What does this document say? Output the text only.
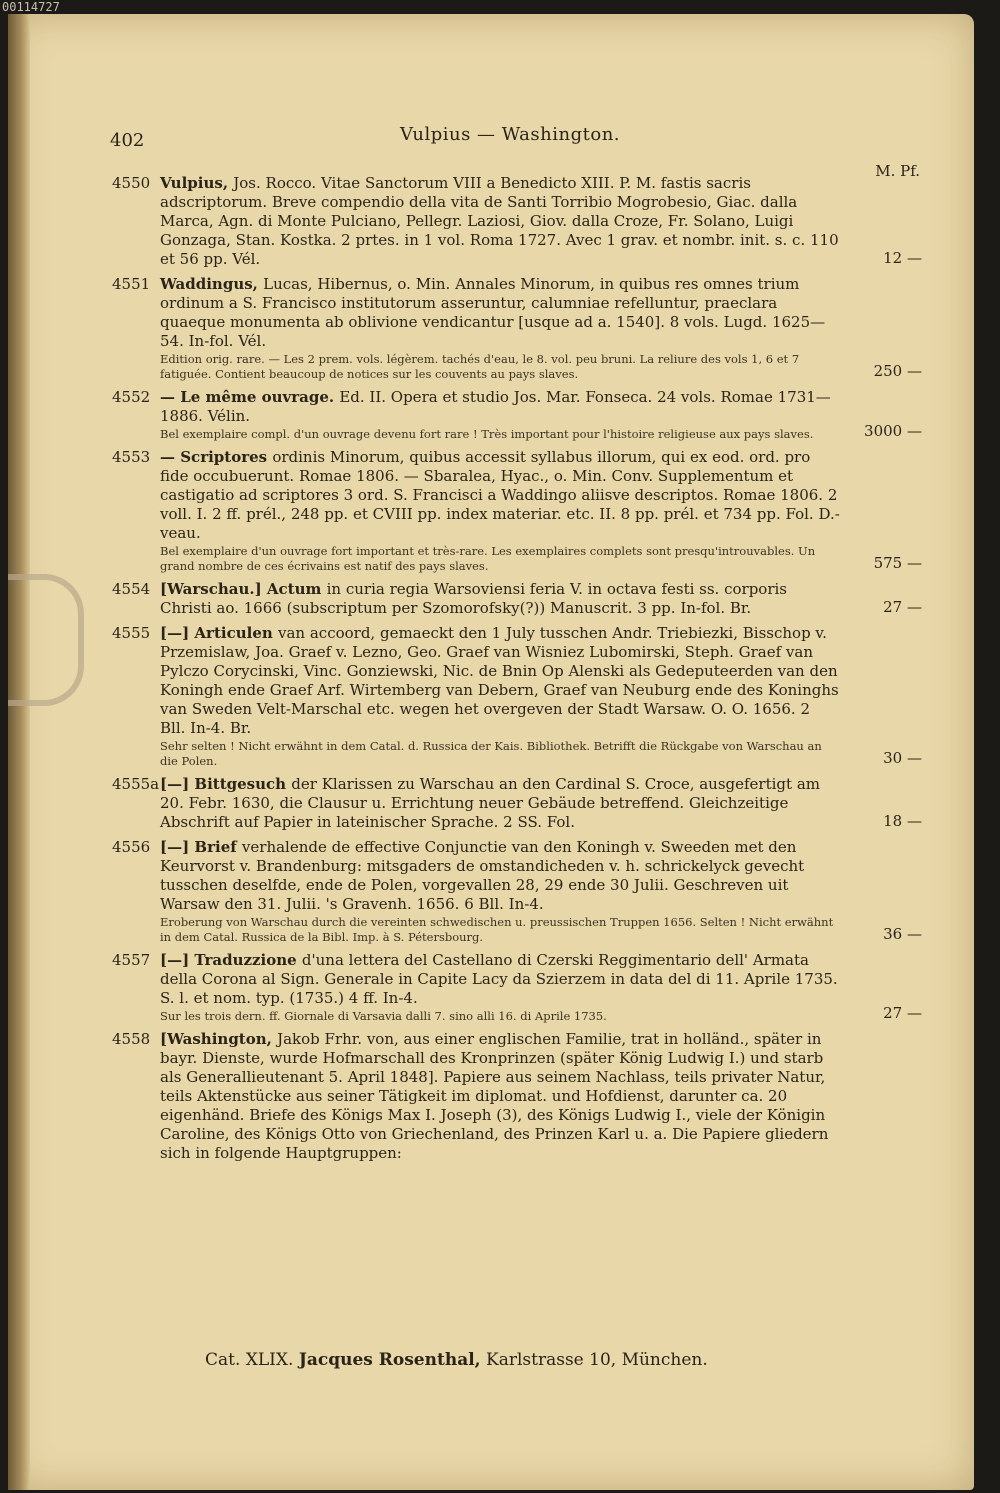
00114727
402	Vulpius — Washington.
M. Pf.
4550 Vulpius, Jos. Rocco. Vitae Sanctorum VIII a Benedicto XIII. P. M. fastis sacris adscriptorum. Breve compendio della vita de Santi Torribio Mogrobesio, Giac. dalla Marca, Agn. di Monte Pulciano, Pellegr. Laziosi, Giov. dalla Croze, Fr. Solano, Luigi Gonzaga, Stan. Kostka. 2 prtes. in 1 vol. Roma 1727. Avec 1 grav. et nombr. init. s. c. 110 et 56 pp. Vél.	12 —
4551 Waddingus, Lucas, Hibernus, o. Min. Annales Minorum, in quibus res omnes trium ordinum a S. Francisco institutorum asseruntur, calumniae refelluntur, praeclara quaeque monumenta ab oblivione vendicantur [usque ad a. 1540]. 8 vols. Lugd. 1625—54. In-fol. Vél.
Edition orig. rare. — Les 2 prem. vols. légèrem. tachés d'eau, le 8. vol. peu bruni. La reliure des vols 1, 6 et 7 fatiguée. Contient beaucoup de notices sur les couvents au pays slaves.	250 —
4552 — Le même ouvrage. Ed. II. Opera et studio Jos. Mar. Fonseca. 24 vols. Romae 1731—1886. Vélin.
Bel exemplaire compl. d'un ouvrage devenu fort rare ! Très important pour l'histoire religieuse aux pays slaves.	3000 —
4553 — Scriptores ordinis Minorum, quibus accessit syllabus illorum, qui ex eod. ord. pro fide occubuerunt. Romae 1806. — Sbaralea, Hyac., o. Min. Conv. Supplementum et castigatio ad scriptores 3 ord. S. Francisci a Waddingo aliisve descriptos. Romae 1806. 2 voll. I. 2 ff. prél., 248 pp. et CVIII pp. index materiar. etc. II. 8 pp. prél. et 734 pp. Fol. D.-veau.
Bel exemplaire d'un ouvrage fort important et très-rare. Les exemplaires complets sont presqu'introuvables. Un grand nombre de ces écrivains est natif des pays slaves.	575 —
4554 [Warschau.] Actum in curia regia Warsoviensi feria V. in octava festi ss. corporis Christi ao. 1666 (subscriptum per Szomorofsky(?)) Manuscrit. 3 pp. In-fol. Br.	27 —
4555 [—] Articulen van accoord, gemaeckt den 1 July tusschen Andr. Triebiezki, Bisschop v. Przemislaw, Joa. Graef v. Lezno, Geo. Graef van Wisniez Lubomirski, Steph. Graef van Pylczo Corycinski, Vinc. Gonziewski, Nic. de Bnin Op Alenski als Gedeputeerden van den Koningh ende Graef Arf. Wirtemberg van Debern, Graef van Neuburg ende des Koninghs van Sweden Velt-Marschal etc. wegen het overgeven der Stadt Warsaw. O. O. 1656. 2 Bll. In-4. Br.
Sehr selten ! Nicht erwähnt in dem Catal. d. Russica der Kais. Bibliothek. Betrifft die Rückgabe von Warschau an die Polen.	30 —
4555a [—] Bittgesuch der Klarissen zu Warschau an den Cardinal S. Croce, ausgefertigt am 20. Febr. 1630, die Clausur u. Errichtung neuer Gebäude betreffend. Gleichzeitige Abschrift auf Papier in lateinischer Sprache. 2 SS. Fol.	18 —
4556 [—] Brief verhalende de effective Conjunctie van den Koningh v. Sweeden met den Keurvorst v. Brandenburg: mitsgaders de omstandicheden v. h. schrickelyck gevecht tusschen deselfde, ende de Polen, vorgevallen 28, 29 ende 30 Julii. Geschreven uit Warsaw den 31. Julii. 's Gravenh. 1656. 6 Bll. In-4.
Eroberung von Warschau durch die vereinten schwedischen u. preussischen Truppen 1656. Selten ! Nicht erwähnt in dem Catal. Russica de la Bibl. Imp. à S. Pétersbourg.	36 —
4557 [—] Traduzzione d'una lettera del Castellano di Czerski Reggimentario dell' Armata della Corona al Sign. Generale in Capite Lacy da Szierzem in data del di 11. Aprile 1735. S. l. et nom. typ. (1735.) 4 ff. In-4.
Sur les trois dern. ff. Giornale di Varsavia dalli 7. sino alli 16. di Aprile 1735.	27 —
4558 [Washington, Jakob Frhr. von, aus einer englischen Familie, trat in holländ., später in bayr. Dienste, wurde Hofmarschall des Kronprinzen (später König Ludwig I.) und starb als Generallieutenant 5. April 1848]. Papiere aus seinem Nachlass, teils privater Natur, teils Aktenstücke aus seiner Tätigkeit im diplomat. und Hofdienst, darunter ca. 20 eigenhänd. Briefe des Königs Max I. Joseph (3), des Königs Ludwig I., viele der Königin Caroline, des Königs Otto von Griechenland, des Prinzen Karl u. a. Die Papiere gliedern sich in folgende Hauptgruppen:
Cat. XLIX. Jacques Rosenthal, Karlstrasse 10, München.
